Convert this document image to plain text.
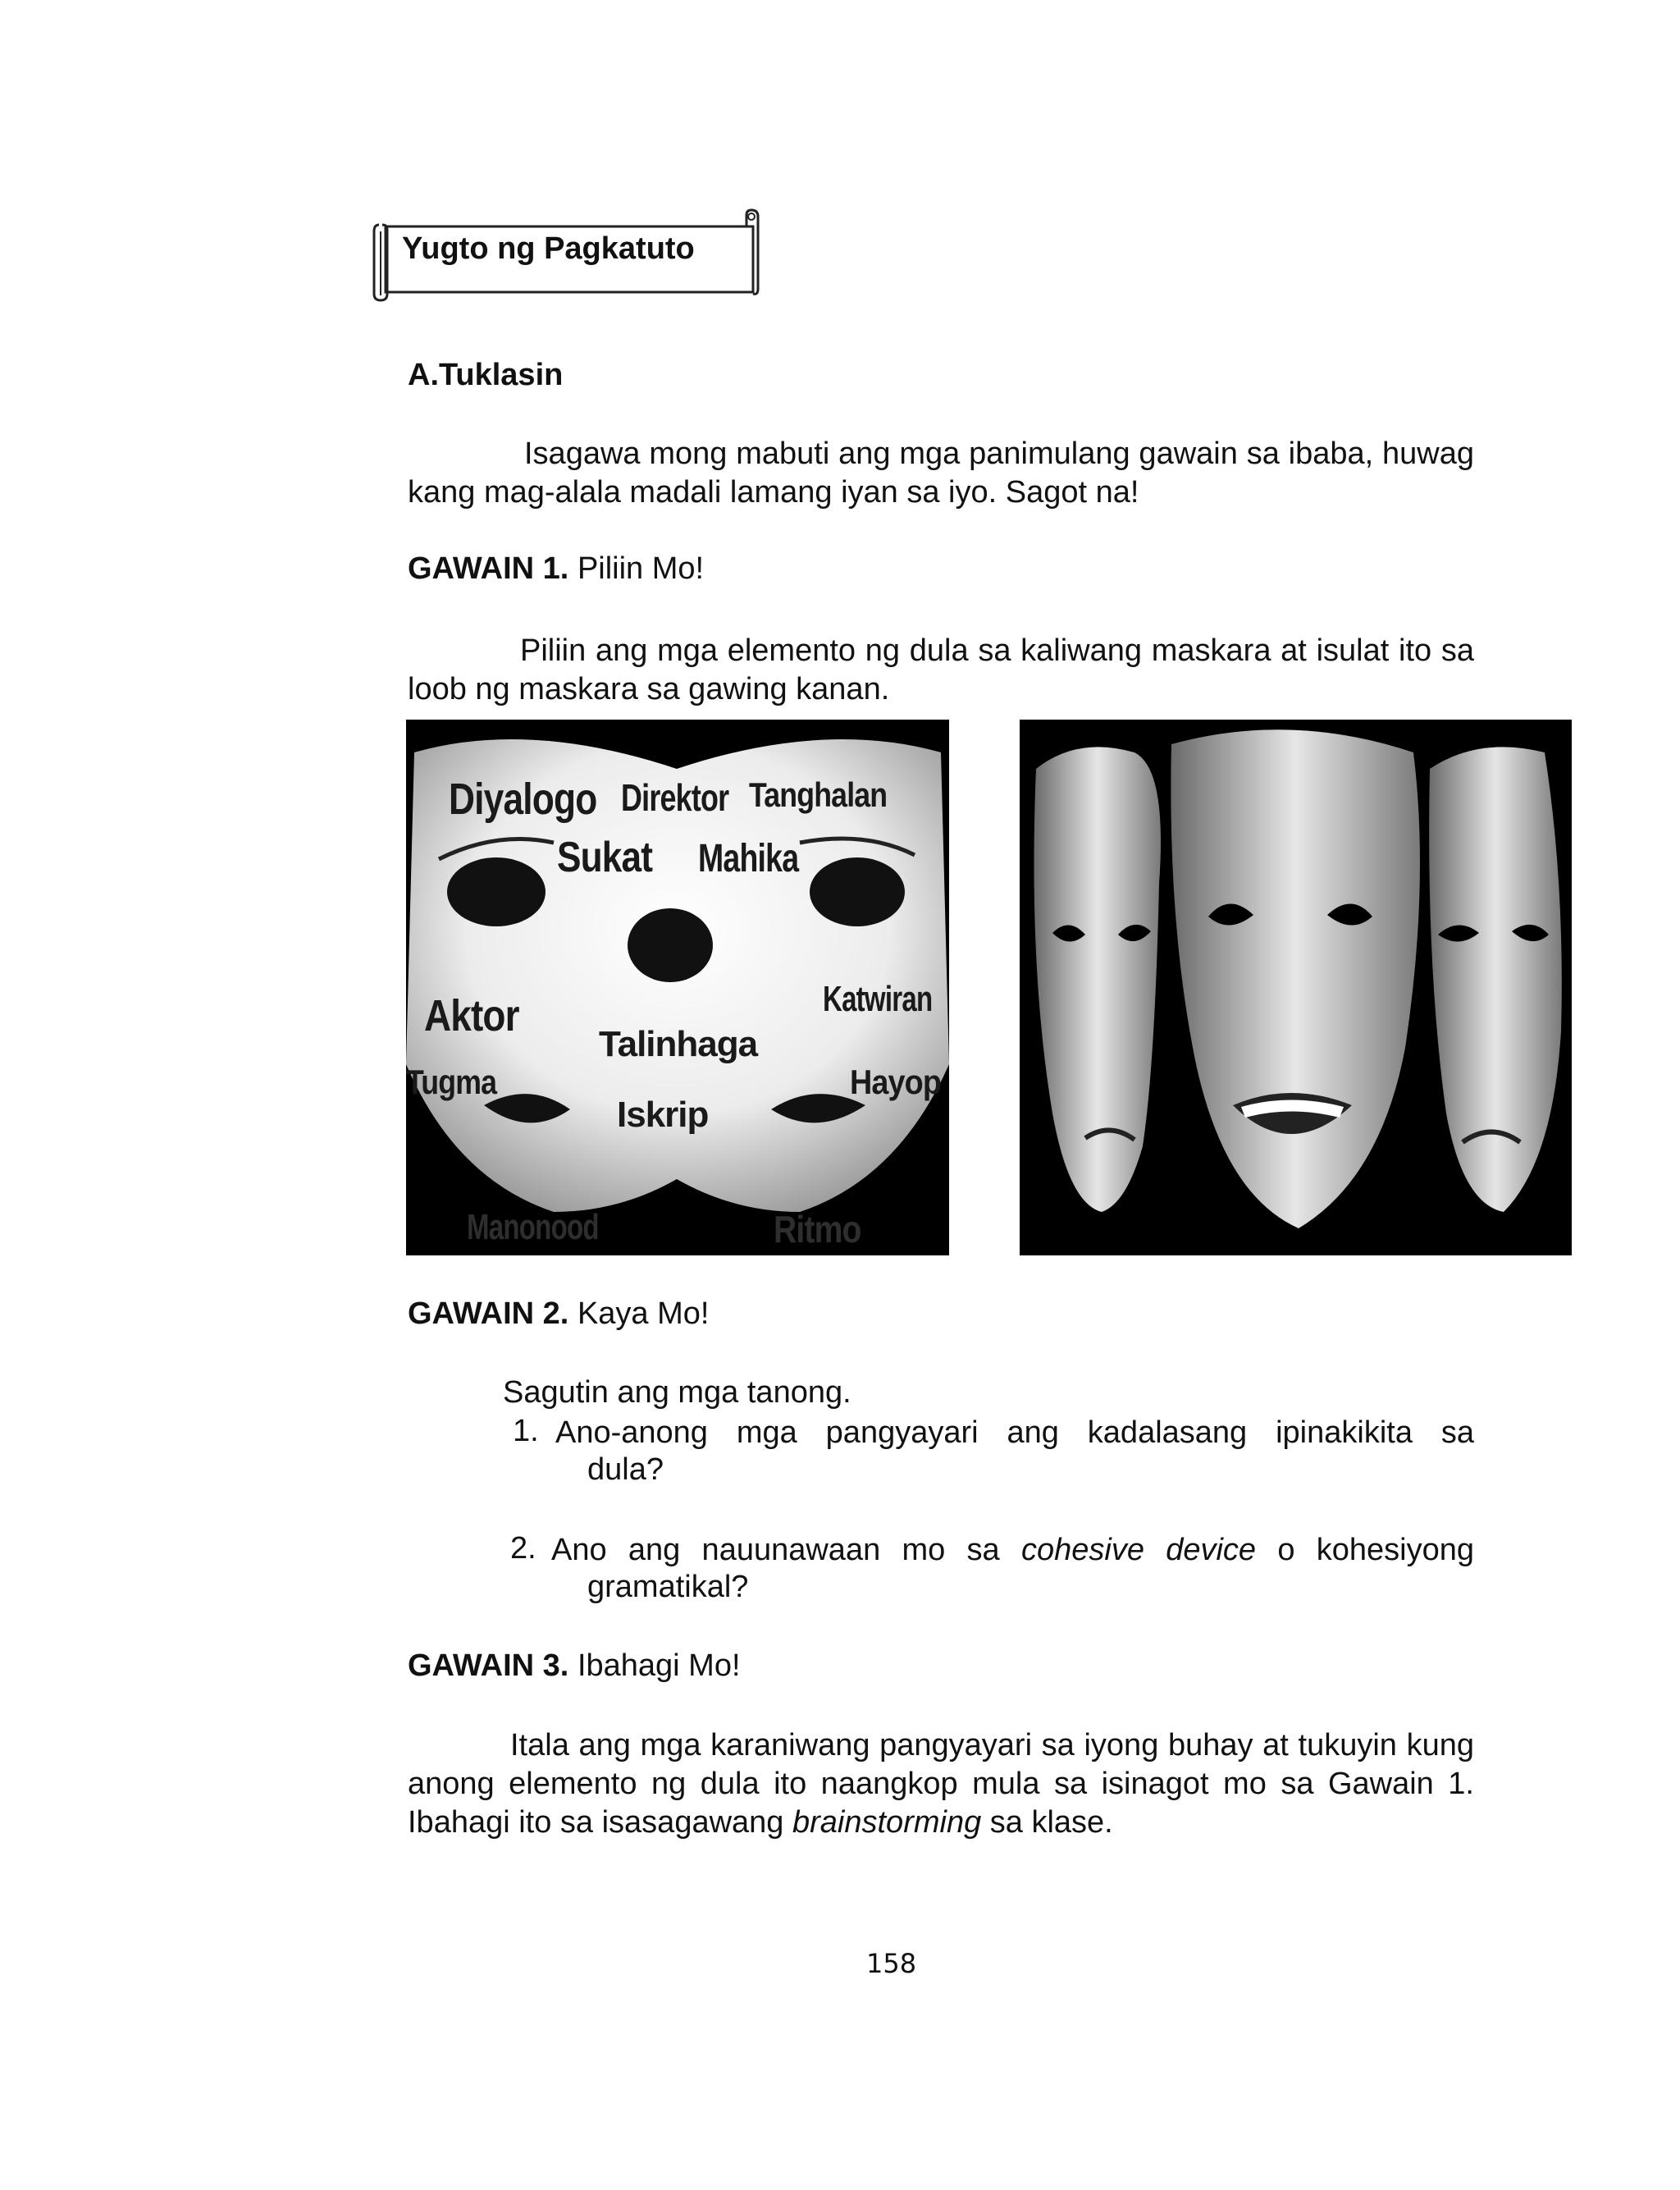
Yugto ng Pagkatuto
A.Tuklasin
Isagawa mong mabuti ang mga panimulang gawain sa ibaba, huwag kang mag-alala madali lamang iyan sa iyo. Sagot na!
GAWAIN 1. Piliin Mo!
Piliin ang mga elemento ng dula sa kaliwang maskara at isulat ito sa loob ng maskara sa gawing kanan.
Diyalogo Direktor Tanghalan
Sukat Mahika
Aktor	Katwiran
Talinhaga
Tugma	Hayop
Iskrip
Manonood	Ritmo
GAWAIN 2. Kaya Mo!
Sagutin ang mga tanong.
1. Ano-anong mga pangyayari ang kadalasang ipinakikita sa
dula?
2. Ano ang nauunawaan mo sa cohesive device o kohesiyong
gramatikal?
GAWAIN 3. Ibahagi Mo!
Itala ang mga karaniwang pangyayari sa iyong buhay at tukuyin kung anong elemento ng dula ito naangkop mula sa isinagot mo sa Gawain 1. Ibahagi ito sa isasagawang brainstorming sa klase.
158
